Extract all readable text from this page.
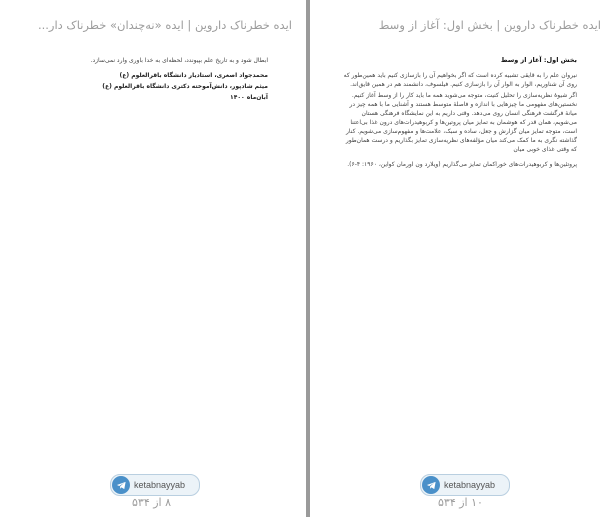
ایده خطرناک داروین | ایده‌ «نه‌چندان» خطرناک دار...

ابطال شود و به تاریخ علم بپیوندد، لحظه‌ای به خدا باوری وارد نمی‌سازد.

محمدجواد اصغری، استادیار دانشگاه باقرالعلوم (ع)

میثم شادپور، دانش‌آموخته دکتری دانشگاه باقرالعلوم (ع)

آبان‌ماه ۱۴۰۰

ketabnayyab
۸ از ۵۳۴
ایده خطرناک داروین | بخش اول: آغاز از وسط

بخش اول: آغاز از وسط

نیروان علم را به قایقی تشبیه کرده است که اگر بخواهیم آن را بازسازی کنیم باید همین‌طور که روی آن شناوریم، الوار به الوار آن را بازسازی کنیم. فیلسوف، دانشمند هم در همین قایق‌اند.

اگر شیوۀ نظریه‌سازی را تحلیل کنیت، متوجه می‌شوید همه ما باید کار را از وسط آغاز کنیم. نخستین‌های مفهومی ما چیزهایی با اندازه و فاصلۀ متوسط هستند و آشنایی ما با همه چیز در میانۀ فرگشت فرهنگی انسان روی می‌دهد. وقتی داریم به این نمایشگاه فرهنگی هستان می‌شویم، همان قدر که هوشمان به تمایز میان پروتین‌ها و کربوهیدرات‌های درون غذا بی‌اعتنا است، متوجه تمایز میان گزارش و جعل، ساده و سبک، علامت‌ها و مفهوم‌سازی می‌شویم. کنار گذاشته نگری به ما کمک می‌کند میان مؤلفه‌های نظریه‌سازی تمایز بگذاریم و درست همان‌طور که وقتی غذای خوبی میان

پروتئین‌ها و کربوهیدرات‌های خوراکمان تمایز می‌گذاریم (ویلارد ون اورمان کواین، ۱۹۶۰: ۴-۶).

ketabnayyab
۱۰ از ۵۳۴
